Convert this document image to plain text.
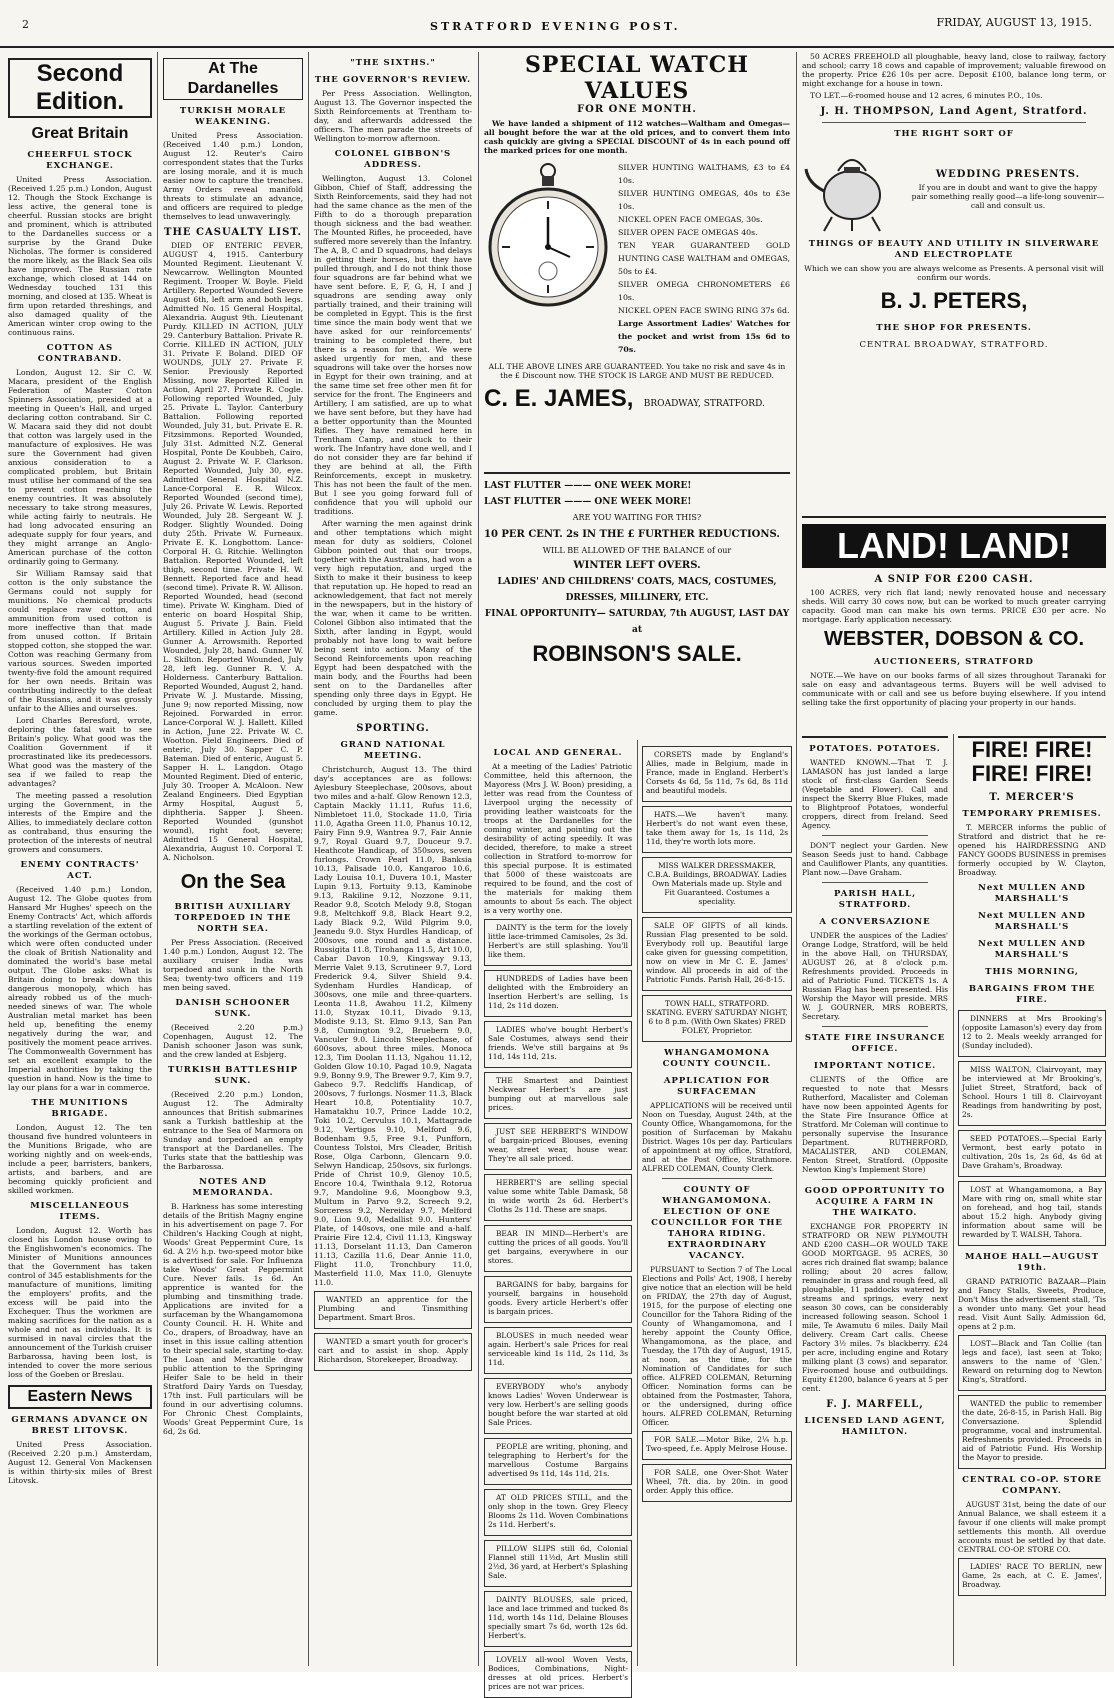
2	STRATFORD EVENING POST.	FRIDAY, AUGUST 13, 1915.
Second Edition.
Great Britain
CHEERFUL STOCK EXCHANGE.

United Press Association. (Received 1.25 p.m.) London, August 12. Though the Stock Exchange is less active, the general tone is cheerful. Russian stocks are bright and prominent, which is attributed to the Dardanelles success or a surprise by the Grand Duke Nicholas. The former is considered the more likely, as the Black Sea oils have improved. The Russian rate exchange, which closed at 144 on Wednesday touched 131 this morning, and closed at 135. Wheat is firm upon retarded threshings, and also damaged quality of the American winter crop owing to the continuous rains.

COTTON AS CONTRABAND.

London, August 12. Sir C. W. Macara, president of the English Federation of Master Cotton Spinners Association, presided at a meeting in Queen's Hall, and urged declaring cotton contraband. Sir C. W. Macara said they did not doubt that cotton was largely used in the manufacture of explosives. He was sure the Government had given anxious consideration to a complicated problem, but Britain must utilise her command of the sea to prevent cotton reaching the enemy countries. It was absolutely necessary to take strong measures, while acting fairly to neutrals. He had long advocated ensuring an adequate supply for four years, and they might arrange an Anglo-American purchase of the cotton ordinarily going to Germany.

Sir William Ramsay said that cotton is the only substance the Germans could not supply for munitions. No chemical products could replace raw cotton, and ammunition from used cotton is more ineffective than that made from unused cotton. If Britain stopped cotton, she stopped the war. Cotton was reaching Germany from various sources. Sweden imported twenty-five fold the amount required for her own needs. Britain was contributing indirectly to the defeat of the Russians, and it was grossly unfair to the Allies and ourselves.

Lord Charles Beresford, wrote, deploring the fatal wait to see Britain's policy. What good was the Coalition Government if it procrastinated like its predecessors. What good was the mastery of the sea if we failed to reap the advantages?

The meeting passed a resolution urging the Government, in the interests of the Empire and the Allies, to immediately declare cotton as contraband, thus ensuring the protection of the interests of neutral growers and consumers.

ENEMY CONTRACTS' ACT.

(Received 1.40 p.m.) London, August 12. The Globe quotes from Hansard Mr Hughes' speech on the Enemy Contracts' Act, which affords a startling revelation of the extent of the workings of the German octobus, which were often conducted under the cloak of British Nationality and dominated the world's base metal output. The Globe asks: What is Britain doing to break down this dangerous monopoly, which has already robbed us of the much-needed sinews of war. The whole Australian metal market has been held up, benefiting the enemy negatively during the war, and positively the moment peace arrives. The Commonwealth Government has set an excellent example to the Imperial authorities by taking the question in hand. Now is the time to lay our plans for a war in commerce.

THE MUNITIONS BRIGADE.

London, August 12. The ten thousand five hundred volunteers in the Munitions Brigade, who are working nightly and on week-ends, include a peer, barristers, bankers, artists, and barbers, and are becoming quickly proficient and skilled workmen.

MISCELLANEOUS ITEMS.

London, August 12. Worth has closed his London house owing to the Englishwomen's economics. The Minister of Munitions announces that the Government has taken control of 345 establishments for the manufacture of munitions, limiting the employers' profits, and the excess will be paid into the Exchequer. Thus the workmen are making sacrifices for the nation as a whole and not as individuals. It is surmised in naval circles that the announcement of the Turkish cruiser Barbarossa, having been lost, is intended to cover the more serious loss of the Goeben or Breslau.

Eastern News
GERMANS ADVANCE ON BREST LITOVSK.

United Press Association. (Received 2.20 p.m.) Amsterdam, August 12. General Von Mackensen is within thirty-six miles of Brest Litovsk.

At The Dardanelles
TURKISH MORALE WEAKENING.

United Press Association. (Received 1.40 p.m.) London, August 12. Reuter's Cairo correspondent states that the Turks are losing morale, and it is much easier now to capture the trenches. Army Orders reveal manifold threats to stimulate an advance, and officers are required to pledge themselves to lead unwaveringly.

THE CASUALTY LIST.

DIED OF ENTERIC FEVER, AUGUST 4, 1915. Canterbury Mounted Regiment. Lieutenant V. Newcarrow. Wellington Mounted Regiment. Trooper W. Boyle. Field Artillery. Reported Wounded Severe August 6th, left arm and both legs. Admitted No. 15 General Hospital, Alexandria. August 9th. Lieutenant Purdy. KILLED IN ACTION, JULY 29. Canterbury Battalion. Private R. Corrie. KILLED IN ACTION, JULY 31. Private F. Boland. DIED OF WOUNDS, JULY 27. Private F. Senior. Previously Reported Missing, now Reported Killed in Action, April 27. Private R. Cogle. Following reported Wounded, July 25. Private L. Taylor. Canterbury Battalion. Following reported Wounded, July 31, but. Private E. R. Fitzsimmons. Reported Wounded, July 31st. Admitted N.Z. General Hospital, Ponte De Koubbeh, Cairo, August 2. Private W. F. Clarkson. Reported Wounded, July 30, eye. Admitted General Hospital N.Z. Lance-Corporal E. R. Wilcox. Reported Wounded (second time), July 26. Private W. Lewis. Reported Wounded, July 28. Sergeant W. J. Rodger. Slightly Wounded. Doing duty 25th. Private W. Furneaux. Private E. K. Longbottom. Lance-Corporal H. G. Ritchie. Wellington Battalion. Reported Wounded, left thigh, second time. Private H. W. Bennett. Reported face and head (second time). Private R. W. Allison. Reported Wounded, head (second time). Private W. Kingham. Died of enteric on board Hospital Ship, August 5. Private J. Bain. Field Artillery. Killed in Action July 28. Gunner A. Arrowsmith. Reported Wounded, July 28, hand. Gunner W. L. Skilton. Reported Wounded, July 28, left leg. Gunner R. V. A. Holderness. Canterbury Battalion. Reported Wounded, August 2, hand. Private W. J. Mustarde. Missing, June 9; now reported Missing, now Rejoined. Forwarded in error. Lance-Corporal W. J. Hallett. Killed in Action, June 22. Private W. C. Wootton. Field Engineers. Died of enteric, July 30. Sapper C. P. Bateman. Died of enteric, August 5. Sapper H. L. Langdon. Otago Mounted Regiment. Died of enteric, July 30. Trooper A. McAloon. New Zealand Engineers. Died Egyptian Army Hospital, August 5, diphtheria. Sapper J. Sheen. Reported Wounded (gunshot wound), right foot, severe; Admitted 15 General Hospital, Alexandria, August 10. Corporal T. A. Nicholson.

On the Sea
BRITISH AUXILIARY TORPEDOED IN THE NORTH SEA.

Per Press Association. (Received 1.40 p.m.) London, August 12. The auxiliary cruiser India was torpedoed and sunk in the North Sea; twenty-two officers and 119 men being saved.

DANISH SCHOONER SUNK.

(Received 2.20 p.m.) Copenhagen, August 12. The Danish schooner Jason was sunk, and the crew landed at Esbjerg.

TURKISH BATTLESHIP SUNK.

(Received 2.20 p.m.) London, August 12. The Admiralty announces that British submarines sank a Turkish battleship at the entrance to the Sea of Marmora on Sunday and torpedoed an empty transport at the Dardanelles. The Turks state that the battleship was the Barbarossa.

NOTES AND MEMORANDA.

B. Harkness has some interesting details of the British Magny engine in his advertisement on page 7. For Children's Hacking Cough at night, Woods' Great Peppermint Cure, 1s 6d. A 2½ h.p. two-speed motor bike is advertised for sale. For Influenza take Woods' Great Peppermint Cure. Never fails. 1s 6d. An apprentice is wanted for the plumbing and tinsmithing trade. Applications are invited for a surfaceman by the Whangamomona County Council. H. H. White and Co., drapers, of Broadway, have an inset in this issue calling attention to their special sale, starting to-day. The Loan and Mercantile draw public attention to the Springing Heifer Sale to be held in their Stratford Dairy Yards on Tuesday, 17th inst. Full particulars will be found in our advertising columns. For Chronic Chest Complaints, Woods' Great Peppermint Cure, 1s 6d, 2s 6d.

"THE SIXTHS."
THE GOVERNOR'S REVIEW.

Per Press Association. Wellington, August 13. The Governor inspected the Sixth Reinforcements at Trentham to-day, and afterwards addressed the officers. The men parade the streets of Wellington to-morrow afternoon.

COLONEL GIBBON'S ADDRESS.

Wellington, August 13. Colonel Gibbon, Chief of Staff, addressing the Sixth Reinforcements, said they had not had the same chance as the men of the Fifth to do a thorough preparation though sickness and the bad weather. The Mounted Rifles, he proceeded, have suffered more severely than the Infantry. The A, B, C and D squadrons, had delays in getting their horses, but they have pulled through, and I do not think those four squadrons are far behind what we have sent before. E, F, G, H, I and J squadrons are sending away only partially trained, and their training will be completed in Egypt. This is the first time since the main body went that we have asked for our reinforcements' training to be completed there, but there is a reason for that. We were asked urgently for men, and these squadrons will take over the horses now in Egypt for their own training, and at the same time set free other men fit for service for the front. The Engineers and Artillery, I am satisfied, are up to what we have sent before, but they have had a better opportunity than the Mounted Rifles. They have remained here in Trentham Camp, and stuck to their work. The Infantry have done well, and I do not consider they are far behind if they are behind at all, the Fifth Reinforcements, except in musketry. This has not been the fault of the men. But I see you going forward full of confidence that you will uphold our traditions.

After warning the men against drink and other temptations which might mean for duty as soldiers, Colonel Gibbon pointed out that our troops, together with the Australians, had won a very high reputation, and urged the Sixth to make it their business to keep that reputation up. He hoped to read an acknowledgement, that fact not merely in the newspapers, but in the history of the war, when it came to be written. Colonel Gibbon also intimated that the Sixth, after landing in Egypt, would probably not have long to wait before being sent into action. Many of the Second Reinforcements upon reaching Egypt had been despatched with the main body, and the Fourths had been sent on to the Dardanelles after spending only three days in Egypt. He concluded by urging them to play the game.

SPORTING.
GRAND NATIONAL MEETING.

Christchurch, August 13. The third day's acceptances are as follows: Aylesbury Steeplechase, 200sovs, about two miles and a-half. Glow Renown 12.3, Captain Mackly 11.11, Rufus 11.6, Nimbletoet 11.0, Stockade 11.0, Tiria 11.0, Agatha Green 11.0, Phanus 10.12, Fairy Finn 9.9, Wantrea 9.7, Fair Annie 9.7, Royal Guard 9.7, Douceur 9.7. Heathcote Handicap, of 350sovs, seven furlongs. Crown Pearl 11.0, Banksia 10.13, Palisade 10.0, Kangaroo 10.6, Lady Louisa 10.1, Duvera 10.1, Master Lupin 9.13, Fortuity 9.13, Kaminobe 9.13, Rakiline 9.12, Nozzone 9.11, Reador 9.8, Scotch Melody 9.8, Stogan 9.8, Meltchkoff 9.8, Black Heart 9.2, Lady Black 9.2, Wild Pilgrim 9.0, Jeanedu 9.0. Styx Hurdles Handicap, of 200sovs, one round and a distance. Russigita 11.8, Tirohanga 11.5, Art 10.0, Cabar Davon 10.9, Kingsway 9.13, Merrie Valet 9.13, Scrutineer 9.7, Lord Frederick 9.4, Silver Shield 9.4. Sydenham Hurdles Handicap, of 300sovs, one mile and three-quarters. Leonta 11.8, Awahou 11.2, Kilmeny 11.0, Styzax 10.11, Divado 9.13, Modiste 9.13, St. Elmo 9.13, San Pan 9.8, Cumington 9.2, Bruebern 9.0, Vanculer 9.0. Lincoln Steeplechase, of 600sovs, about three miles. Monoca 12.3, Tim Doolan 11.13, Ngahou 11.12, Golden Glow 10.10, Pagad 10.9, Nagata 9.9, Bonny 9.9, The Brewer 9.7, Kim 9.7, Gabeco 9.7. Redcliffs Handicap, of 200sovs, 7 furlongs. Nosmer 11.3, Black Heart 10.8, Potentiality 10.7, Hamatakhu 10.7, Prince Ladde 10.2, Toki 10.2, Cervulus 10.1, Mattagrade 9.12, Vertigos 9.10, Melford 9.6, Bodenham 9.5, Free 9.1, Punfforn, Countess Tolstoi, Mrs Cleader, British Rose, Olga Carbonn, Glencarn 9.0. Selwyn Handicap, 250sovs, six furlongs. Pride of Christ 10.9, Glenoy 10.5, Encore 10.4, Twinthala 9.12, Rotorua 9.7, Mandoline 9.6, Moongbow 9.3, Multum in Parvo 9.2, Screech 9.2, Sorceress 9.2, Nereiday 9.7, Melford 9.0, Lion 9.0, Medallist 9.0. Hunters' Plate, of 140sovs, one mile and a-half. Prairie Fire 12.4, Civil 11.13, Kingsway 11.13, Dorselant 11.13, Dan Cameron 11.13, Cazilla 11.6, Dear Annie 11.0, Flight 11.0, Tronchbury 11.0, Masterfield 11.0, Max 11.0, Glenuyte 11.0.

WANTED an apprentice for the Plumbing and Tinsmithing Department. Smart Bros.

WANTED a smart youth for grocer's cart and to assist in shop. Apply Richardson, Storekeeper, Broadway.

SPECIAL WATCH VALUES
FOR ONE MONTH.

We have landed a shipment of 112 watches—Waltham and Omegas—all bought before the war at the old prices, and to convert them into cash quickly are giving a SPECIAL DISCOUNT of 4s in each pound off the marked prices for one month.

SILVER HUNTING WALTHAMS, £3 to £4 10s.
SILVER HUNTING OMEGAS, 40s to £3e 10s.
NICKEL OPEN FACE OMEGAS, 30s.
SILVER OPEN FACE OMEGAS 40s.
TEN YEAR GUARANTEED GOLD HUNTING CASE WALTHAM and OMEGAS, 50s to £4.
SILVER OMEGA CHRONOMETERS £6 10s.
NICKEL OPEN FACE SWING RING 37s 6d.
Large Assortment Ladies' Watches for the pocket and wrist from 15s 6d to 70s.

ALL THE ABOVE LINES ARE GUARANTEED. You take no risk and save 4s in the £ Discount now. THE STOCK IS LARGE AND MUST BE REDUCED.

C. E. JAMES, BROADWAY, STRATFORD.
LAST FLUTTER ——— ONE WEEK MORE!
LAST FLUTTER ——— ONE WEEK MORE!
ARE YOU WAITING FOR THIS?
10 PER CENT. 2s IN THE £ FURTHER REDUCTIONS.
WILL BE ALLOWED OF THE BALANCE of our
WINTER LEFT OVERS.
LADIES' AND CHILDRENS' COATS, MACS, COSTUMES, DRESSES, MILLINERY, ETC.
FINAL OPPORTUNITY— SATURDAY, 7th AUGUST, LAST DAY at
ROBINSON'S SALE.
LOCAL AND GENERAL.

At a meeting of the Ladies' Patriotic Committee, held this afternoon, the Mayoress (Mrs J. W. Boon) presiding, a letter was read from the Countess of Liverpool urging the necessity of providing leather waistcoats for the troops at the Dardanelles for the coming winter, and pointing out the desirability of acting speedily. It was decided, therefore, to make a street collection in Stratford to-morrow for this special purpose. It is estimated that 5000 of these waistcoats are required to be found, and the cost of the materials for making them amounts to about 5s each. The object is a very worthy one.

DAINTY is the term for the lovely little lace-trimmed Camisoles, 2s 3d. Herbert's are still splashing. You'll like them.

HUNDREDS of Ladies have been delighted with the Embroidery an Insertion Herbert's are selling, 1s 11d, 2s 11d dozen.

LADIES who've bought Herbert's Sale Costumes, always send their friends. We've still bargains at 9s 11d, 14s 11d, 21s.

THE Smartest and Daintiest Neckwear Herbert's are just bumping out at marvellous sale prices.

JUST SEE HERBERT'S WINDOW of bargain-priced Blouses, evening wear, street wear, house wear. They're all sale priced.

HERBERT'S are selling special value some white Table Damask, 58 in wide worth 2s 6d. Herbert's Cloths 2s 11d. These are snaps.

BEAR IN MIND—Herbert's are cutting the prices of all goods. You'll get bargains, everywhere in our stores.

BARGAINS for baby, bargains for yourself, bargains in household goods. Every article Herbert's offer is bargain prices.

BLOUSES in much needed wear again. Herbert's sale Prices for real serviceable kind 1s 11d, 2s 11d, 3s 11d.

EVERYBODY who's anybody knows Ladies' Woven Underwear is very low. Herbert's are selling goods bought before the war started at old Sale Prices.

PEOPLE are writing, phoning, and telegraphing to Herbert's for the marvellous Costume Bargains advertised 9s 11d, 14s 11d, 21s.

AT OLD PRICES STILL, and the only shop in the town. Grey Fleecy Blooms 2s 11d. Woven Combinations 2s 11d. Herbert's.

PILLOW SLIPS still 6d, Colonial Flannel still 11½d, Art Muslin still 2½d, 36 yard, at Herbert's Splashing Sale.

DAINTY BLOUSES, sale priced, lace and lace trimmed and tucked 8s 11d, worth 14s 11d, Delaine Blouses specially smart 7s 6d, worth 12s 6d. Herbert's.

LOVELY all-wool Woven Vests, Bodices, Combinations, Night-dresses at old prices. Herbert's prices are not war prices.

CORSETS made by England's Allies, made in Belgium, made in France, made in England. Herbert's Corsets 4s 6d, 5s 11d, 7s 6d, 8s 11d and beautiful models.

HATS.—We haven't many. Herbert's do not want even these, take them away for 1s, 1s 11d, 2s 11d, they're worth lots more.

MISS WALKER DRESSMAKER, C.B.A. Buildings, BROADWAY. Ladies Own Materials made up. Style and Fit Guaranteed. Costumes a speciality.

SALE OF GIFTS of all kinds. Russian Flag presented to be sold. Everybody roll up. Beautiful large cake given for guessing competition, now on view in Mr C. E. James' window. All proceeds in aid of the Patriotic Funds. Parish Hall, 26-8-15.

TOWN HALL, STRATFORD. SKATING. EVERY SATURDAY NIGHT, 6 to 8 p.m. (With Own Skates) FRED FOLEY, Proprietor.

WHANGAMOMONA COUNTY COUNCIL.
APPLICATION FOR SURFACEMAN

APPLICATIONS will be received until Noon on Tuesday, August 24th, at the County Office, Whangamomona, for the position of Surfaceman by Makahu District. Wages 10s per day. Particulars of appointment at my office, Stratford, and at the Post Office, Strathmore. ALFRED COLEMAN, County Clerk.

COUNTY OF WHANGAMOMONA. ELECTION OF ONE COUNCILLOR FOR THE TAHORA RIDING. EXTRAORDINARY VACANCY.

PURSUANT to Section 7 of The Local Elections and Polls' Act, 1908, I hereby give notice that an election will be held on FRIDAY, the 27th day of August, 1915, for the purpose of electing one Councillor for the Tahora Riding of the County of Whangamomona, and I hereby appoint the County Office, Whangamomona, as the place, and Tuesday, the 17th day of August, 1915, at noon, as the time, for the Nomination of Candidates for such office. ALFRED COLEMAN, Returning Officer. Nomination forms can be obtained from the Postmaster, Tahora, or the undersigned, during office hours. ALFRED COLEMAN, Returning Officer.

FOR SALE.—Motor Bike, 2¼ h.p. Two-speed, f.e. Apply Melrose House.

FOR SALE, one Over-Shot Water Wheel, 7ft. dia. by 20in. in good order. Apply this office.

50 ACRES FREEHOLD all ploughable, heavy land, close to railway, factory and school; carry 18 cows and capable of improvement; valuable firewood on the property. Price £26 10s per acre. Deposit £100, balance long term, or might exchange for a house in town.

TO LET.—6-roomed house and 12 acres, 6 minutes P.O., 10s.

J. H. THOMPSON, Land Agent, Stratford.
THE RIGHT SORT OF
WEDDING PRESENTS.

If you are in doubt and want to give the happy pair something really good—a life-long souvenir—call and consult us.

THINGS OF BEAUTY AND UTILITY IN SILVERWARE AND ELECTROPLATE

Which we can show you are always welcome as Presents. A personal visit will confirm our words.

B. J. PETERS,
THE SHOP FOR PRESENTS.
CENTRAL BROADWAY, STRATFORD.
LAND! LAND!
A SNIP FOR £200 CASH.

100 ACRES, very rich flat land; newly renovated house and necessary sheds. Will carry 30 cows now, but can be worked to much greater carrying capacity. Good man can make his own terms. PRICE £30 per acre. No mortgage. Early application necessary.

WEBSTER, DOBSON & CO.
AUCTIONEERS, STRATFORD

NOTE.—We have on our books farms of all sizes throughout Taranaki for sale on easy and advantageous terms. Buyers will be well advised to communicate with or call and see us before buying elsewhere. If you intend selling take the first opportunity of placing your property in our hands.

POTATOES. POTATOES.

WANTED KNOWN.—That T. J. LAMASON has just landed a large stock of first-class Garden Seeds (Vegetable and Flower). Call and inspect the Skerry Blue Flukes, made to Blightproof Potatoes, wonderful croppers, direct from Ireland. Seed Agency.

DON'T neglect your Garden. New Season Seeds just to hand. Cabbage and Cauliflower Plants, any quantities. Plant now.—Dave Graham.

PARISH HALL, STRATFORD.
A CONVERSAZIONE

UNDER the auspices of the Ladies' Orange Lodge, Stratford, will be held in the above Hall, on THURSDAY, AUGUST 26, at 8 o'clock p.m. Refreshments provided. Proceeds in aid of Patriotic Fund. TICKETS 1s. A Russian Flag has been presented. His Worship the Mayor will preside. MRS W. J. GOURNER, MRS ROBERTS, Secretary.

STATE FIRE INSURANCE OFFICE.
IMPORTANT NOTICE.

CLIENTS of the Office are requested to note that Messrs Rutherford, Macalister and Coleman have now been appointed Agents for the State Fire Insurance Office at Stratford. Mr Coleman will continue to personally supervise the Insurance Department. RUTHERFORD, MACALISTER, AND COLEMAN, Fenton Street, Stratford. (Opposite Newton King's Implement Store)

GOOD OPPORTUNITY TO ACQUIRE A FARM IN THE WAIKATO.

EXCHANGE FOR PROPERTY IN STRATFORD OR NEW PLYMOUTH AND £200 CASH—OR WOULD TAKE GOOD MORTGAGE. 95 ACRES, 30 acres rich drained flat swamp; balance rolling; about 20 acres fallow, remainder in grass and rough feed, all ploughable, 11 paddocks watered by streams and springs, every next season 30 cows, can be considerably increased following season. School 1 mile, Te Awamutu 6 miles. Daily Mail delivery. Cream Cart calls. Cheese Factory 3½ miles. 7s blackberry. £24 per acre, including engine and Rotary milking plant (3 cows) and separator. Five-roomed house and outbuildings. Equity £1200, balance 6 years at 5 per cent.

F. J. MARFELL,
LICENSED LAND AGENT, HAMILTON.
FIRE! FIRE! FIRE! FIRE!
T. MERCER'S
TEMPORARY PREMISES.

T. MERCER informs the public of Stratford and district that he re-opened his HAIRDRESSING AND FANCY GOODS BUSINESS in premises formerly occupied by W. Clayton, Broadway.

Next MULLEN AND MARSHALL'S
Next MULLEN AND MARSHALL'S
Next MULLEN AND MARSHALL'S
THIS MORNING,
BARGAINS FROM THE FIRE.

DINNERS at Mrs Brooking's (opposite Lamason's) every day from 12 to 2. Meals weekly arranged for (Sunday included).

MISS WALTON, Clairvoyant, may be interviewed at Mr Brooking's, Juliet Street, Stratford, back of School. Hours 1 till 8. Clairvoyant Readings from handwriting by post, 2s.

SEED POTATOES.—Special Early Vermont, best early potato in cultivation, 20s 1s, 2s 6d, 4s 6d at Dave Graham's, Broadway.

LOST at Whangamomona, a Bay Mare with ring on, small white star on forehead, and hog tail, stands about 15.2 high. Anybody giving information about same will be rewarded by T. WALSH, Tahora.

MAHOE HALL—AUGUST 19th.

GRAND PATRIOTIC BAZAAR—Plain and Fancy Stalls, Sweets, Produce, Don't Miss the advertisement stall, 'Tis a wonder unto many. Get your head read. Visit Aunt Sally. Admission 6d, opens at 2 p.m.

LOST—Black and Tan Collie (tan legs and face), last seen at Toko; answers to the name of 'Glen.' Reward on returning dog to Newton King's, Stratford.

WANTED the public to remember the date, 26-8-15, in Parish Hall. Big Conversazione. Splendid programme, vocal and instrumental. Refreshments provided. Proceeds in aid of Patriotic Fund. His Worship the Mayor to preside.

CENTRAL CO-OP. STORE COMPANY.

AUGUST 31st, being the date of our Annual Balance, we shall esteem it a favour if one clients will make prompt settlements this month. All overdue accounts must be settled by that date. CENTRAL CO-OP. STORE CO.

LADIES' RACE TO BERLIN, new Game, 2s each, at C. E. James', Broadway.
